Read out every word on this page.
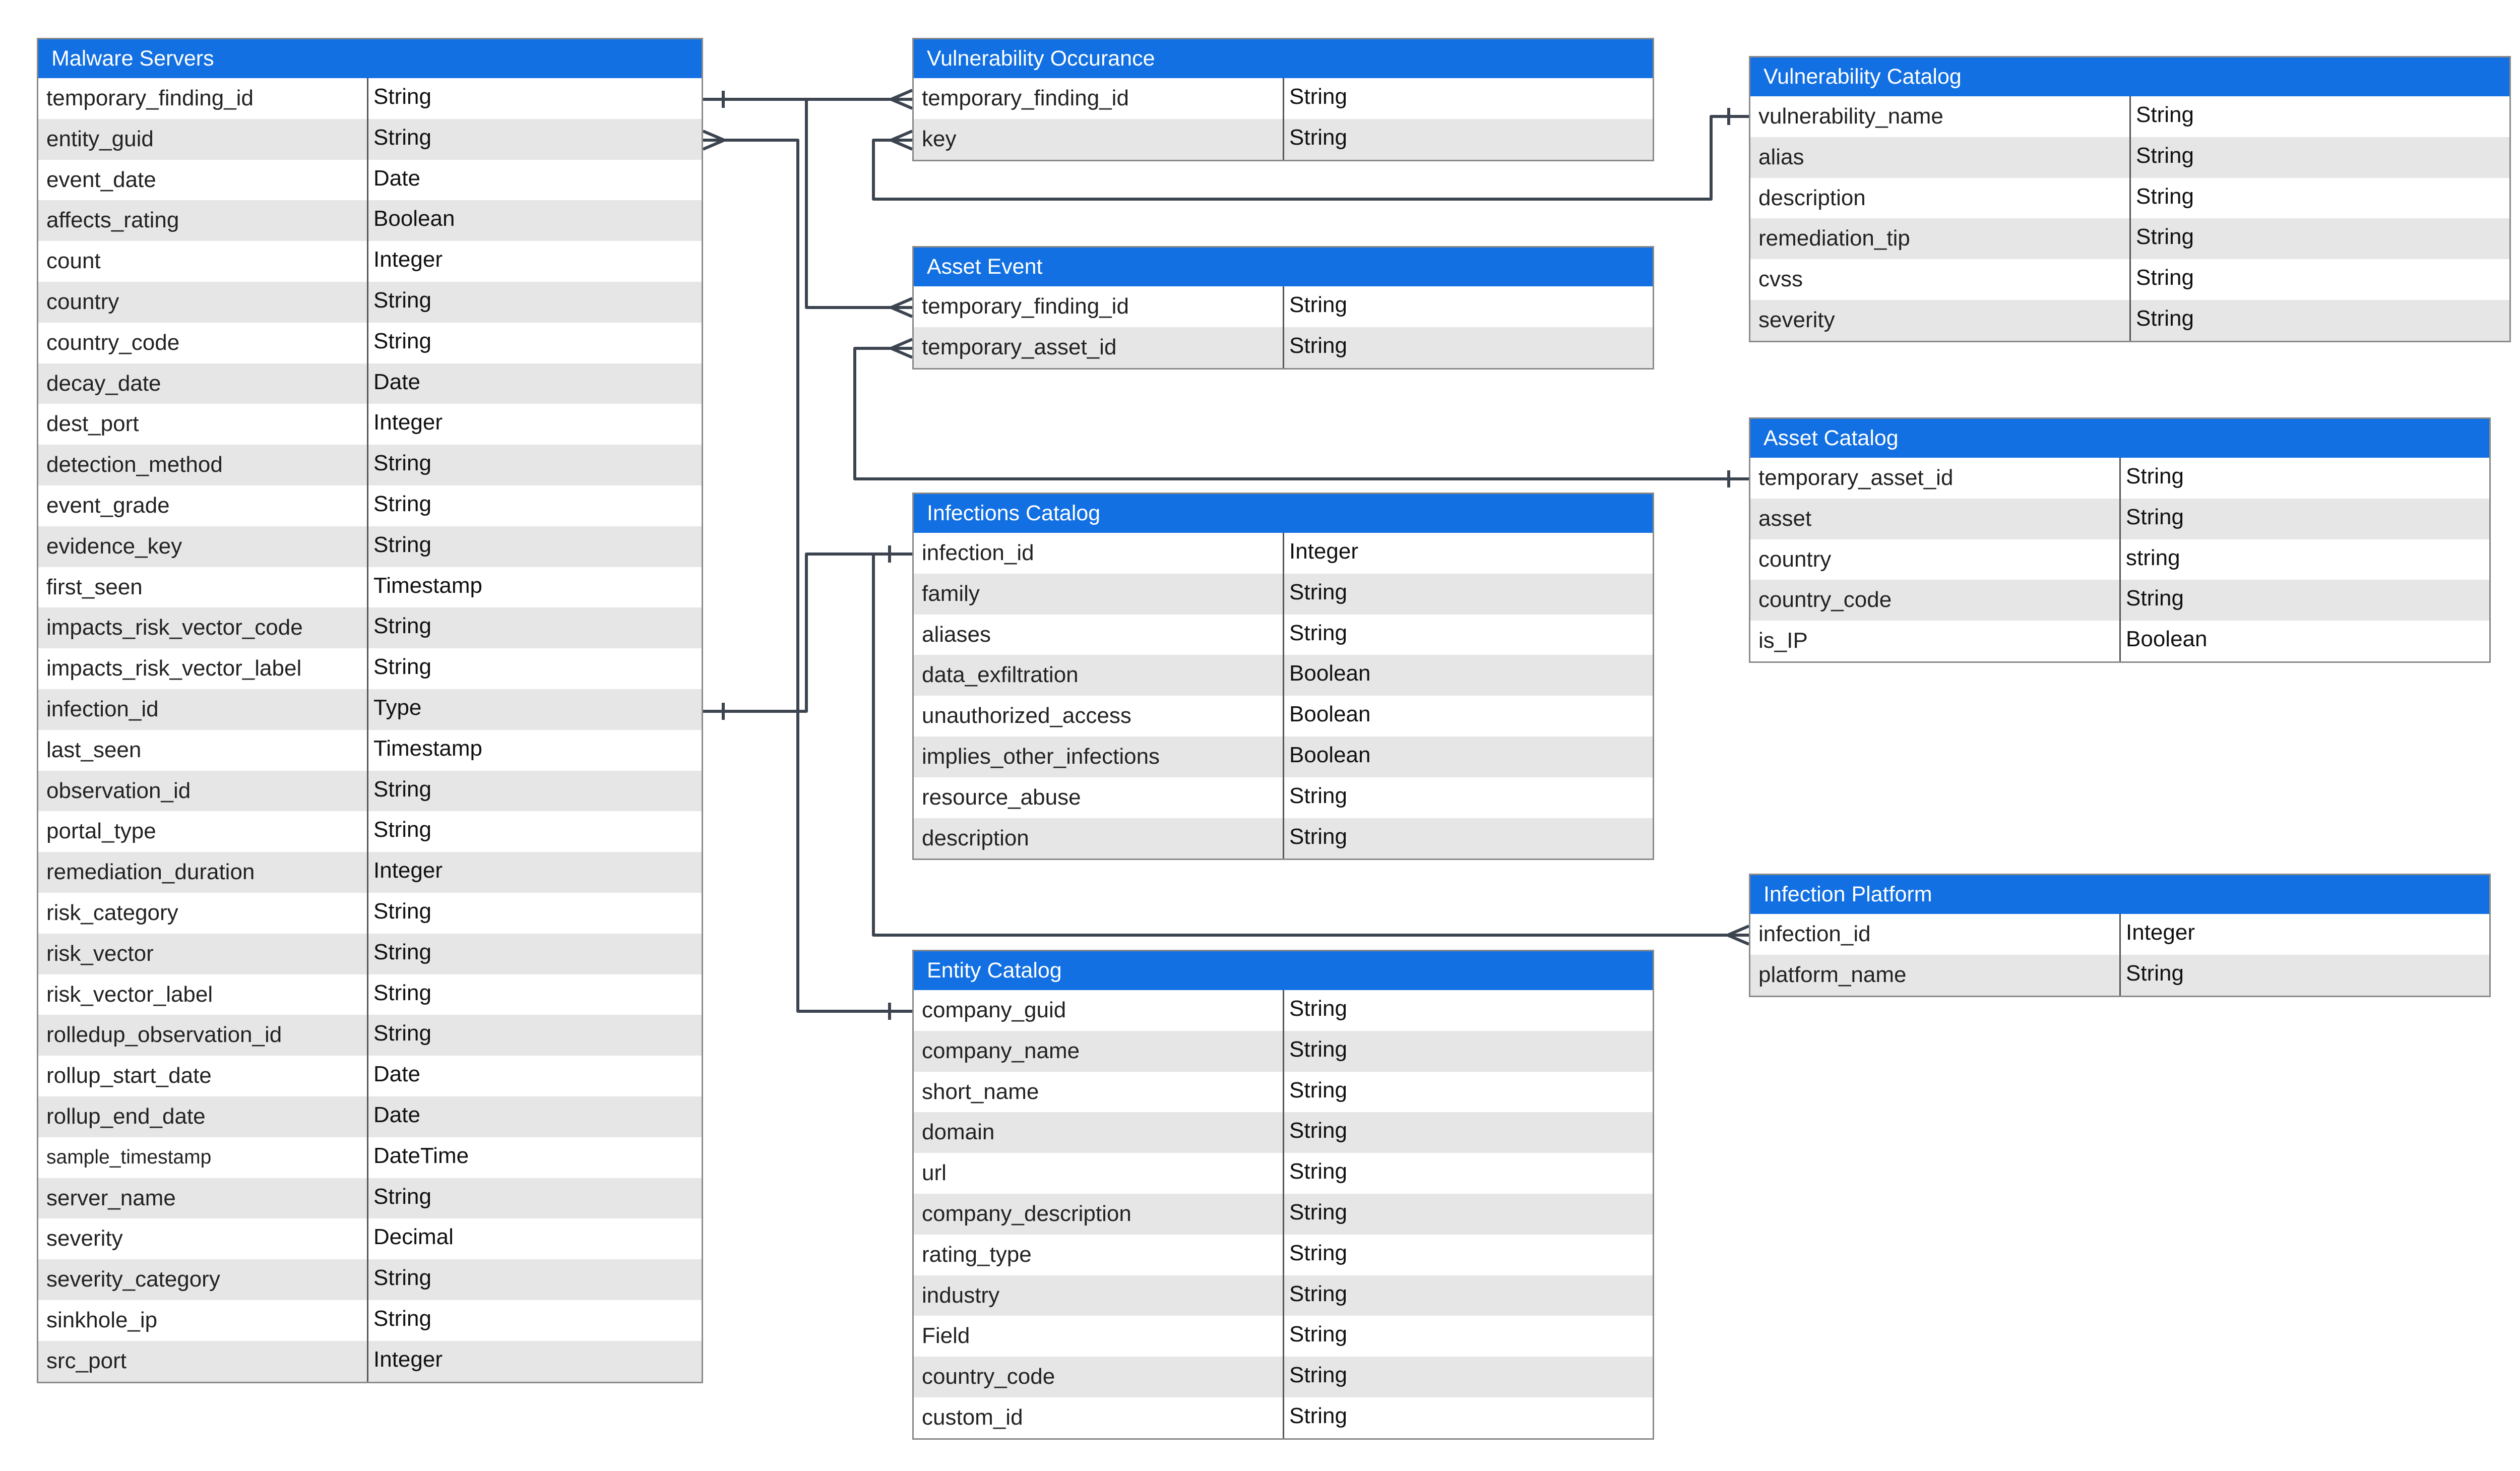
Malware Servers
temporary_finding_id	String
entity_guid	String
event_date	Date
affects_rating	Boolean
count	Integer
country	String
country_code	String
decay_date	Date
dest_port	Integer
detection_method	String
event_grade	String
evidence_key	String
first_seen	Timestamp
impacts_risk_vector_code	String
impacts_risk_vector_label	String
infection_id	Type
last_seen	Timestamp
observation_id	String
portal_type	String
remediation_duration	Integer
risk_category	String
risk_vector	String
risk_vector_label	String
rolledup_observation_id	String
rollup_start_date	Date
rollup_end_date	Date
sample_timestamp	DateTime
server_name	String
severity	Decimal
severity_category	String
sinkhole_ip	String
src_port	Integer
Vulnerability Occurance
temporary_finding_id	String
key	String
Asset Event
temporary_finding_id	String
temporary_asset_id	String
Infections Catalog
infection_id	Integer
family	String
aliases	String
data_exfiltration	Boolean
unauthorized_access	Boolean
implies_other_infections	Boolean
resource_abuse	String
description	String
Entity Catalog
company_guid	String
company_name	String
short_name	String
domain	String
url	String
company_description	String
rating_type	String
industry	String
Field	String
country_code	String
custom_id	String
Vulnerability Catalog
vulnerability_name	String
alias	String
description	String
remediation_tip	String
cvss	String
severity	String
Asset Catalog
temporary_asset_id	String
asset	String
country	string
country_code	String
is_IP	Boolean
Infection Platform
infection_id	Integer
platform_name	String
